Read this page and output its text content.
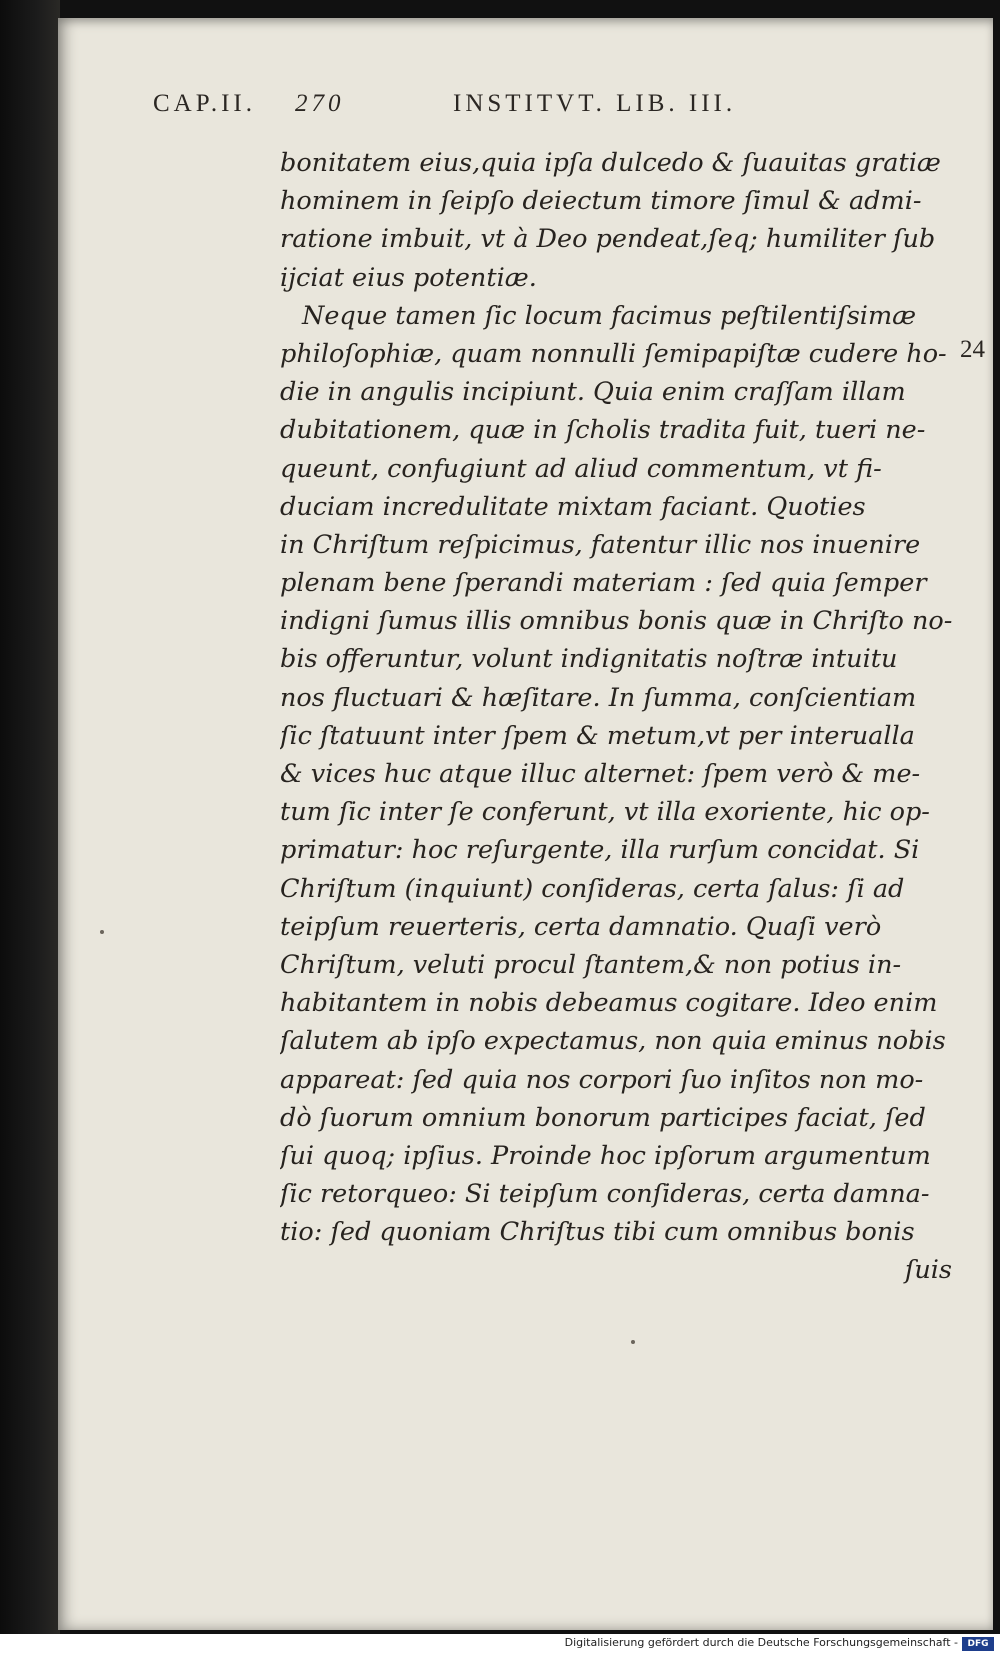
CAP.II. 270	INSTITVT. LIB. III.
24
bonitatem eius,quia ipſa dulcedo & ſuauitas gratiæ
hominem in ſeipſo deiectum timore ſimul & admi-
ratione imbuit, vt à Deo pendeat,ſeq; humiliter ſub
ijciat eius potentiæ.
Neque tamen ſic locum facimus peſtilentiſsimæ
philoſophiæ, quam nonnulli ſemipapiſtæ cudere ho-
die in angulis incipiunt. Quia enim craſſam illam
dubitationem, quæ in ſcholis tradita fuit, tueri ne-
queunt, confugiunt ad aliud commentum, vt fi-
duciam incredulitate mixtam faciant. Quoties
in Chriſtum reſpicimus, fatentur illic nos inuenire
plenam bene ſperandi materiam : ſed quia ſemper
indigni ſumus illis omnibus bonis quæ in Chriſto no-
bis offeruntur, volunt indignitatis noſtræ intuitu
nos fluctuari & hæſitare. In ſumma, conſcientiam
ſic ſtatuunt inter ſpem & metum,vt per interualla
& vices huc atque illuc alternet: ſpem verò & me-
tum ſic inter ſe conferunt, vt illa exoriente, hic op-
primatur: hoc reſurgente, illa rurſum concidat. Si
Chriſtum (inquiunt) conſideras, certa ſalus: ſi ad
teipſum reuerteris, certa damnatio. Quaſi verò
Chriſtum, veluti procul ſtantem,& non potius in-
habitantem in nobis debeamus cogitare. Ideo enim
ſalutem ab ipſo expectamus, non quia eminus nobis
appareat: ſed quia nos corpori ſuo inſitos non mo-
dò ſuorum omnium bonorum participes faciat, ſed
ſui quoq; ipſius. Proinde hoc ipſorum argumentum
ſic retorqueo: Si teipſum conſideras, certa damna-
tio: ſed quoniam Chriſtus tibi cum omnibus bonis
ſuis
Digitalisierung gefördert durch die Deutsche Forschungsgemeinschaft -	DFG
